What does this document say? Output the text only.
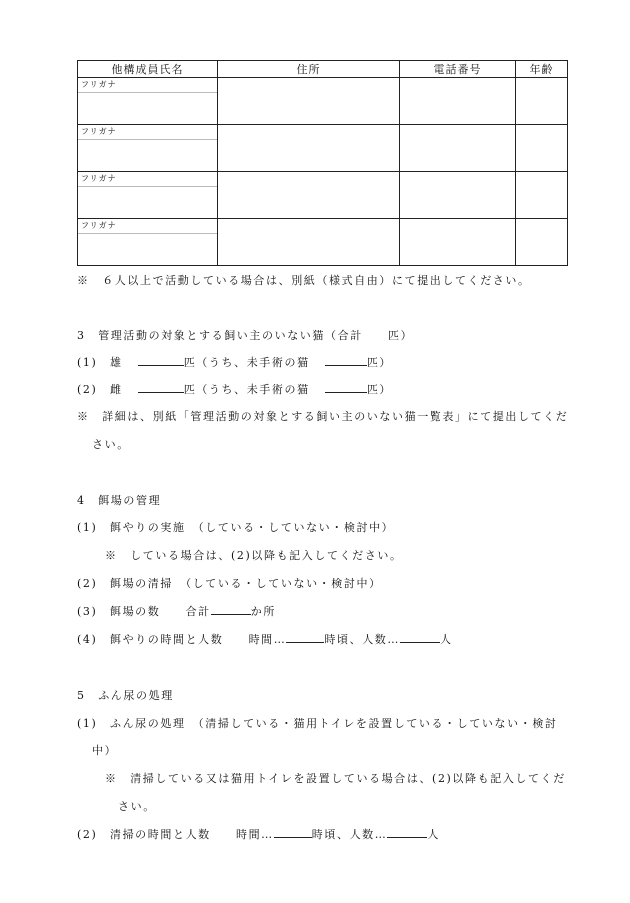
他構成員氏名	住所	電話番号	年齢

フリガナ			

フリガナ			

フリガナ			

フリガナ			

※　６人以上で活動している場合は、別紙（様式自由）にて提出してください。
3　管理活動の対象とする飼い主のいない猫（合計　　匹）
(1)　雄	匹（うち、未手術の猫	匹）
(2)　雌	匹（うち、未手術の猫	匹）
※　詳細は、別紙「管理活動の対象とする飼い主のいない猫一覧表」にて提出してくだ
さい。
4　餌場の管理
(1)　餌やりの実施　（している・していない・検討中）
※　している場合は、(2)以降も記入してください。
(2)　餌場の清掃　（している・していない・検討中）
(3)　餌場の数　　合計	か所
(4)　餌やりの時間と人数　　時間…	時頃、人数…	人
5　ふん尿の処理
(1)　ふん尿の処理　（清掃している・猫用トイレを設置している・していない・検討
中）
※　清掃している又は猫用トイレを設置している場合は、(2)以降も記入してくだ
さい。
(2)　清掃の時間と人数　　時間…	時頃、人数…	人
